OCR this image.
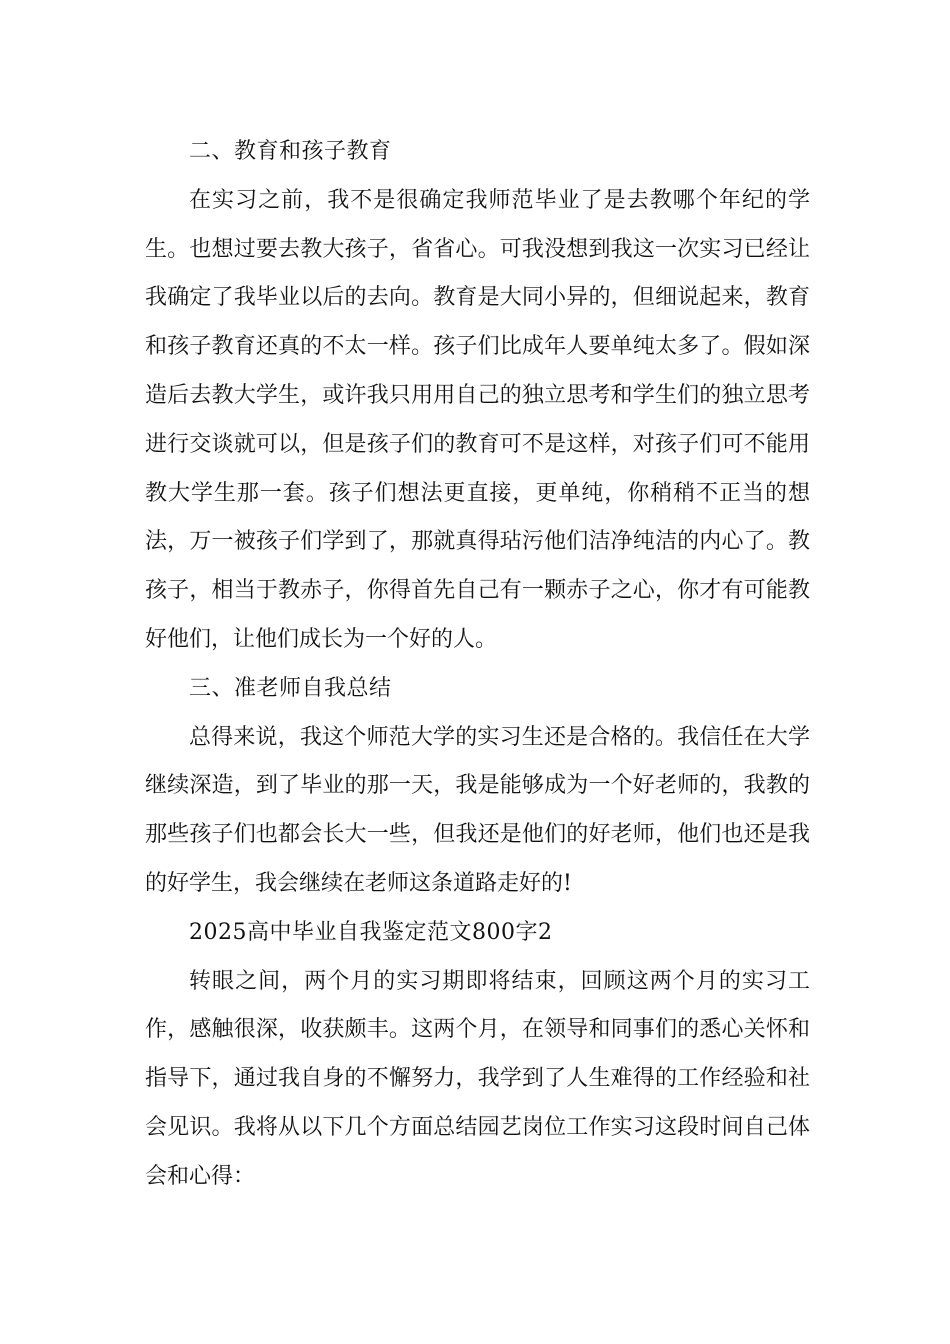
二、教育和孩子教育

在实习之前，我不是很确定我师范毕业了是去教哪个年纪的学生。也想过要去教大孩子，省省心。可我没想到我这一次实习已经让我确定了我毕业以后的去向。教育是大同小异的，但细说起来，教育和孩子教育还真的不太一样。孩子们比成年人要单纯太多了。假如深造后去教大学生，或许我只用用自己的独立思考和学生们的独立思考进行交谈就可以，但是孩子们的教育可不是这样，对孩子们可不能用教大学生那一套。孩子们想法更直接，更单纯，你稍稍不正当的想法，万一被孩子们学到了，那就真得玷污他们洁净纯洁的内心了。教孩子，相当于教赤子，你得首先自己有一颗赤子之心，你才有可能教好他们，让他们成长为一个好的人。

三、准老师自我总结

总得来说，我这个师范大学的实习生还是合格的。我信任在大学继续深造，到了毕业的那一天，我是能够成为一个好老师的，我教的那些孩子们也都会长大一些，但我还是他们的好老师，他们也还是我的好学生，我会继续在老师这条道路走好的!

2025高中毕业自我鉴定范文800字2

转眼之间，两个月的实习期即将结束，回顾这两个月的实习工作，感触很深，收获颇丰。这两个月，在领导和同事们的悉心关怀和指导下，通过我自身的不懈努力，我学到了人生难得的工作经验和社会见识。我将从以下几个方面总结园艺岗位工作实习这段时间自己体会和心得：
